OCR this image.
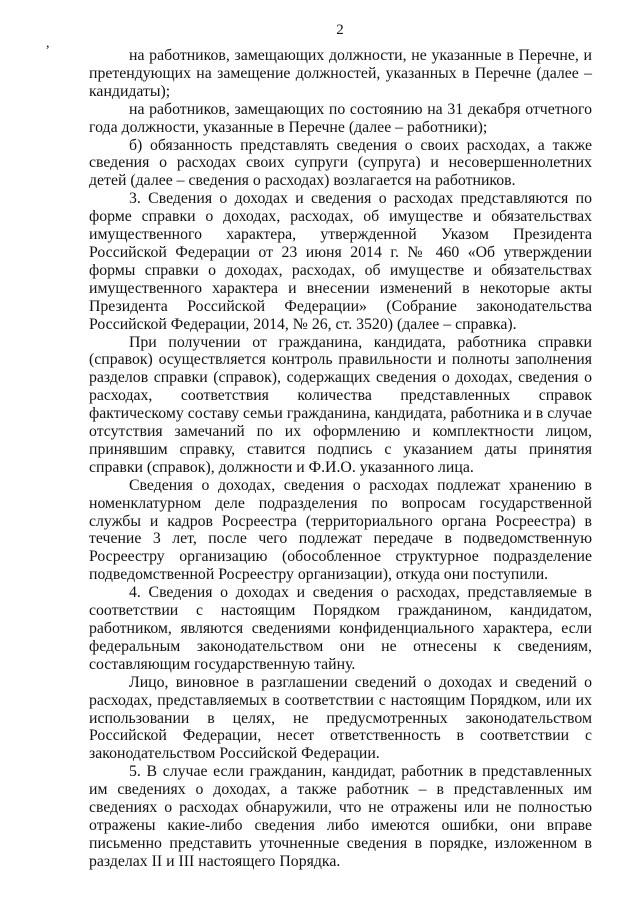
2
,

на работников, замещающих должности, не указанные в Перечне, и претендующих на замещение должностей, указанных в Перечне (далее – кандидаты);

на работников, замещающих по состоянию на 31 декабря отчетного года должности, указанные в Перечне (далее – работники);

б) обязанность представлять сведения о своих расходах, а также сведения о расходах своих супруги (супруга) и несовершеннолетних детей (далее – сведения о расходах) возлагается на работников.

3. Сведения о доходах и сведения о расходах представляются по форме справки о доходах, расходах, об имуществе и обязательствах имущественного характера, утвержденной Указом Президента Российской Федерации от 23 июня 2014 г. № 460 «Об утверждении формы справки о доходах, расходах, об имуществе и обязательствах имущественного характера и внесении изменений в некоторые акты Президента Российской Федерации» (Собрание законодательства Российской Федерации, 2014, № 26, ст. 3520) (далее – справка).

При получении от гражданина, кандидата, работника справки (справок) осуществляется контроль правильности и полноты заполнения разделов справки (справок), содержащих сведения о доходах, сведения о расходах, соответствия количества представленных справок фактическому составу семьи гражданина, кандидата, работника и в случае отсутствия замечаний по их оформлению и комплектности лицом, принявшим справку, ставится подпись с указанием даты принятия справки (справок), должности и Ф.И.О. указанного лица.

Сведения о доходах, сведения о расходах подлежат хранению в номенклатурном деле подразделения по вопросам государственной службы и кадров Росреестра (территориального органа Росреестра) в течение 3 лет, после чего подлежат передаче в подведомственную Росреестру организацию (обособленное структурное подразделение подведомственной Росреестру организации), откуда они поступили.

4. Сведения о доходах и сведения о расходах, представляемые в соответствии с настоящим Порядком гражданином, кандидатом, работником, являются сведениями конфиденциального характера, если федеральным законодательством они не отнесены к сведениям, составляющим государственную тайну.

Лицо, виновное в разглашении сведений о доходах и сведений о расходах, представляемых в соответствии с настоящим Порядком, или их использовании в целях, не предусмотренных законодательством Российской Федерации, несет ответственность в соответствии с законодательством Российской Федерации.

5. В случае если гражданин, кандидат, работник в представленных им сведениях о доходах, а также работник – в представленных им сведениях о расходах обнаружили, что не отражены или не полностью отражены какие-либо сведения либо имеются ошибки, они вправе письменно представить уточненные сведения в порядке, изложенном в разделах II и III настоящего Порядка.
